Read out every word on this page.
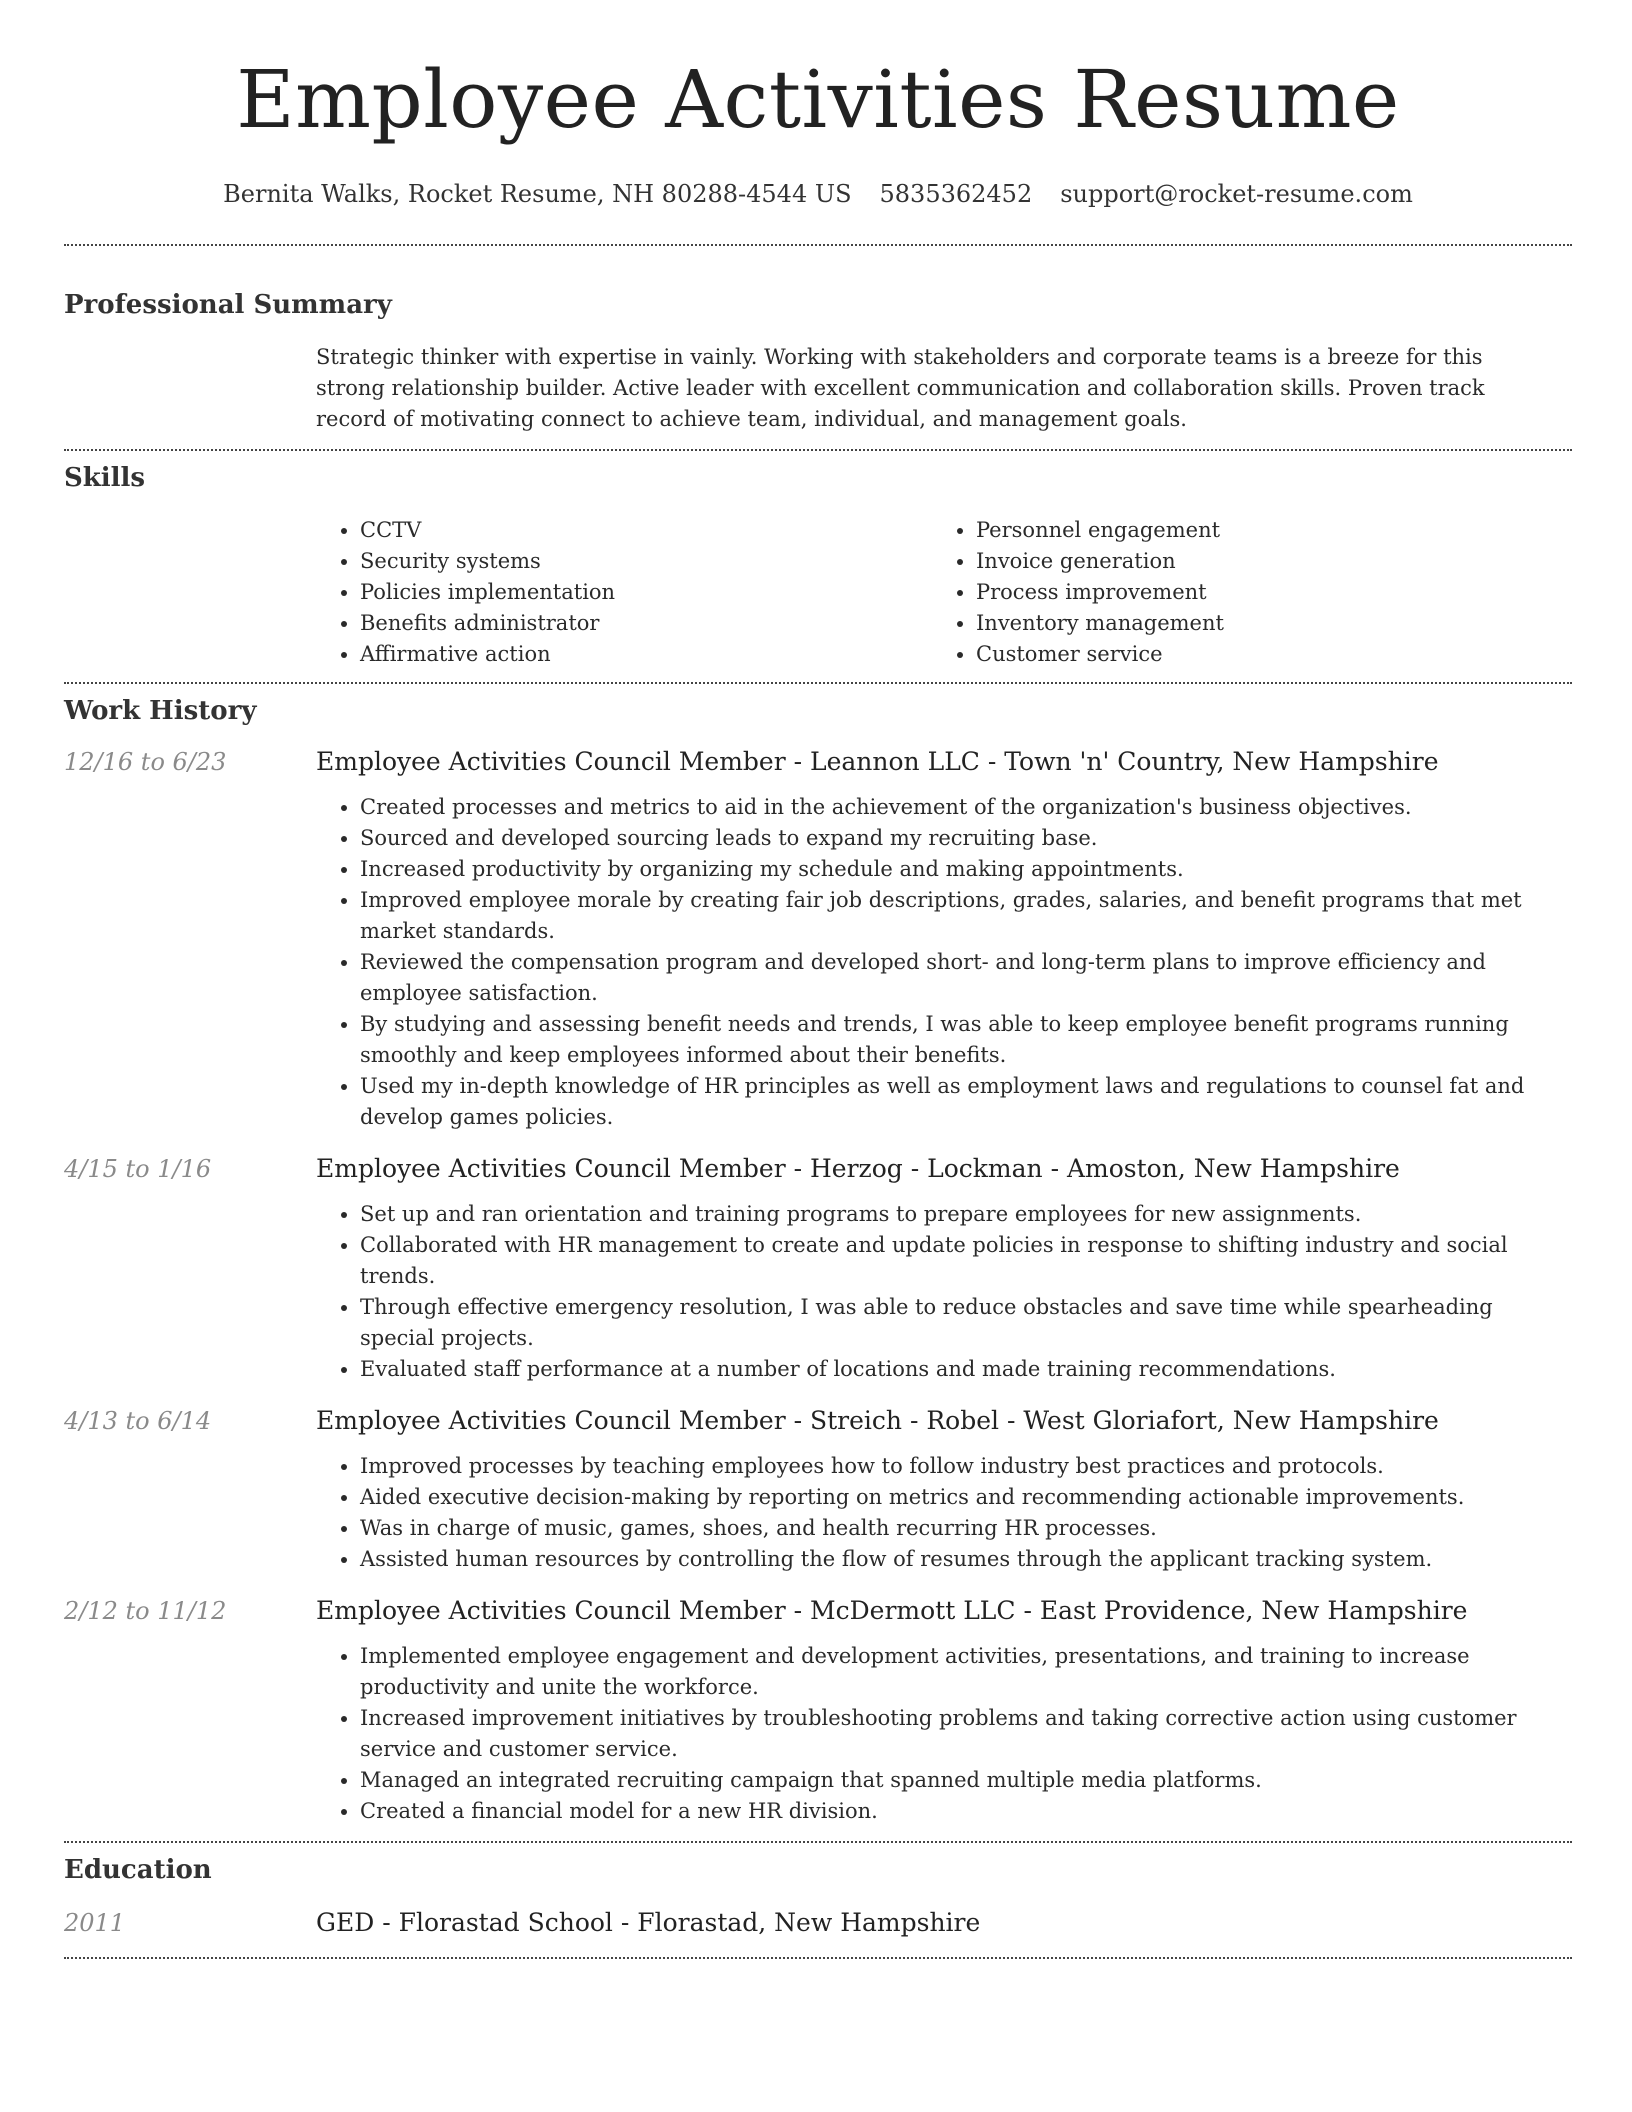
Employee Activities Resume
Bernita Walks, Rocket Resume, NH 80288-4544 US 5835362452 support@rocket-resume.com
Professional Summary
Strategic thinker with expertise in vainly. Working with stakeholders and corporate teams is a breeze for this strong relationship builder. Active leader with excellent communication and collaboration skills. Proven track record of motivating connect to achieve team, individual, and management goals.
Skills
• CCTV
• Security systems
• Policies implementation
• Benefits administrator
• Affirmative action
• Personnel engagement
• Invoice generation
• Process improvement
• Inventory management
• Customer service
Work History
12/16 to 6/23	Employee Activities Council Member - Leannon LLC - Town 'n' Country, New Hampshire
• Created processes and metrics to aid in the achievement of the organization's business objectives.
• Sourced and developed sourcing leads to expand my recruiting base.
• Increased productivity by organizing my schedule and making appointments.
• Improved employee morale by creating fair job descriptions, grades, salaries, and benefit programs that met market standards.
• Reviewed the compensation program and developed short- and long-term plans to improve efficiency and employee satisfaction.
• By studying and assessing benefit needs and trends, I was able to keep employee benefit programs running smoothly and keep employees informed about their benefits.
• Used my in-depth knowledge of HR principles as well as employment laws and regulations to counsel fat and develop games policies.
4/15 to 1/16	Employee Activities Council Member - Herzog - Lockman - Amoston, New Hampshire
• Set up and ran orientation and training programs to prepare employees for new assignments.
• Collaborated with HR management to create and update policies in response to shifting industry and social trends.
• Through effective emergency resolution, I was able to reduce obstacles and save time while spearheading special projects.
• Evaluated staff performance at a number of locations and made training recommendations.
4/13 to 6/14	Employee Activities Council Member - Streich - Robel - West Gloriafort, New Hampshire
• Improved processes by teaching employees how to follow industry best practices and protocols.
• Aided executive decision-making by reporting on metrics and recommending actionable improvements.
• Was in charge of music, games, shoes, and health recurring HR processes.
• Assisted human resources by controlling the flow of resumes through the applicant tracking system.
2/12 to 11/12	Employee Activities Council Member - McDermott LLC - East Providence, New Hampshire
• Implemented employee engagement and development activities, presentations, and training to increase productivity and unite the workforce.
• Increased improvement initiatives by troubleshooting problems and taking corrective action using customer service and customer service.
• Managed an integrated recruiting campaign that spanned multiple media platforms.
• Created a financial model for a new HR division.
Education
2011	GED - Florastad School - Florastad, New Hampshire
